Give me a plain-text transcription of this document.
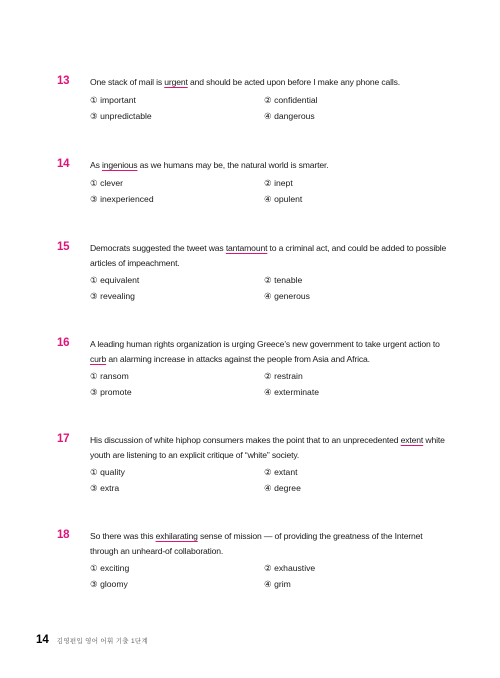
13 One stack of mail is urgent and should be acted upon before I make any phone calls.
① important	② confidential
③ unpredictable	④ dangerous
14 As ingenious as we humans may be, the natural world is smarter.
① clever	② inept
③ inexperienced	④ opulent
15 Democrats suggested the tweet was tantamount to a criminal act, and could be added to possible articles of impeachment.
① equivalent	② tenable
③ revealing	④ generous
16 A leading human rights organization is urging Greece’s new government to take urgent action to curb an alarming increase in attacks against the people from Asia and Africa.
① ransom	② restrain
③ promote	④ exterminate
17 His discussion of white hiphop consumers makes the point that to an unprecedented extent white youth are listening to an explicit critique of “white” society.
① quality	② extant
③ extra	④ degree
18 So there was this exhilarating sense of mission — of providing the greatness of the Internet through an unheard-of collaboration.
① exciting	② exhaustive
③ gloomy	④ grim
14 김영편입 영어 어휘 기출 1단계
